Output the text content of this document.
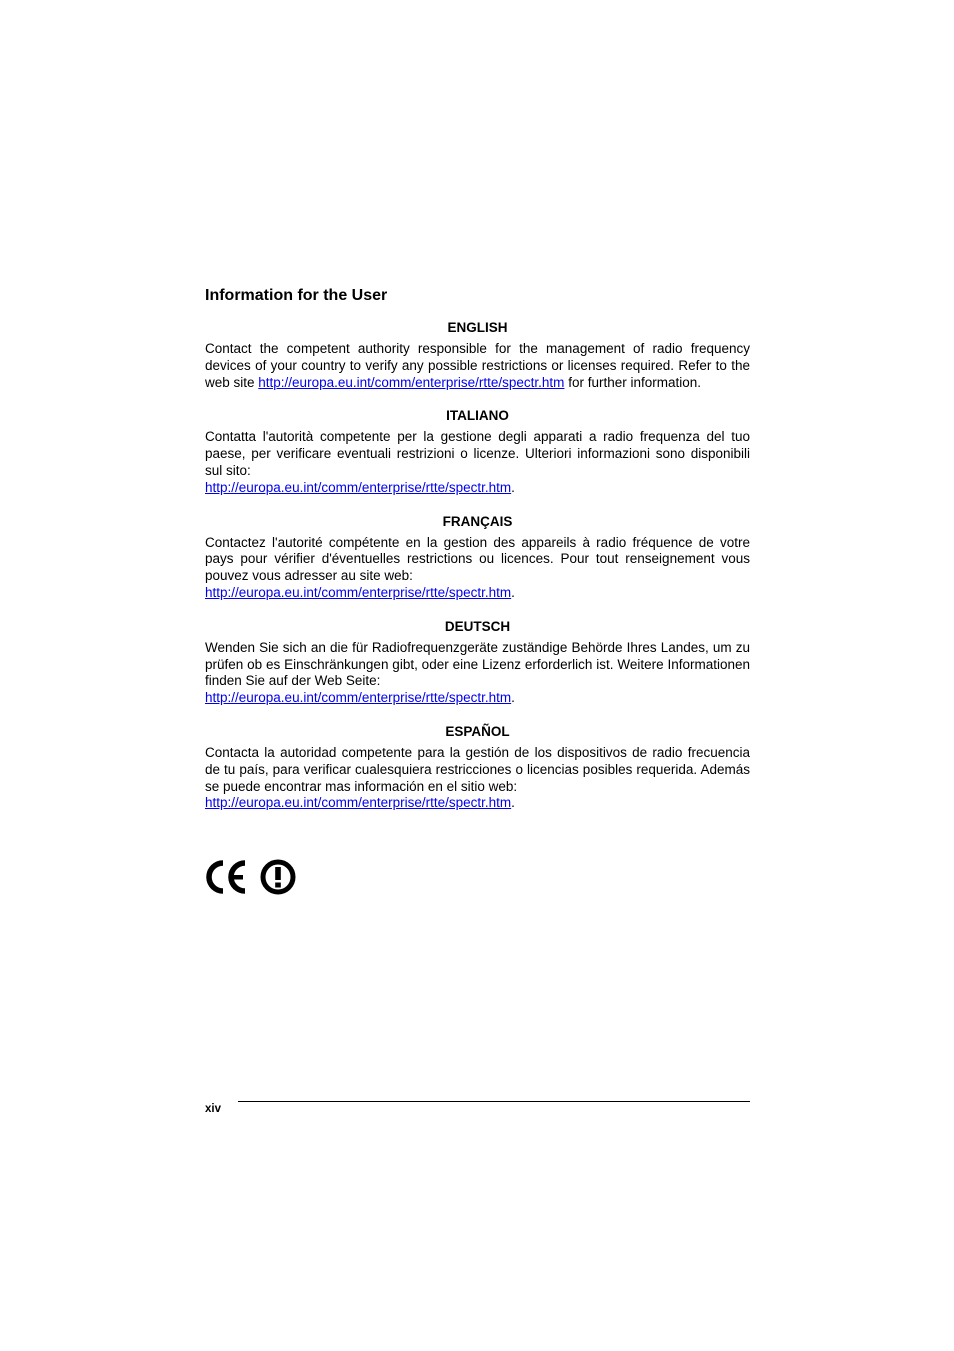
Information for the User
ENGLISH

Contact the competent authority responsible for the management of radio frequency devices of your country to verify any possible restrictions or licenses required. Refer to the web site http://europa.eu.int/comm/enterprise/rtte/spectr.htm for further information.

ITALIANO

Contatta l'autorità competente per la gestione degli apparati a radio frequenza del tuo paese, per verificare eventuali restrizioni o licenze. Ulteriori informazioni sono disponibili sul sito:
http://europa.eu.int/comm/enterprise/rtte/spectr.htm.

FRANÇAIS

Contactez l'autorité compétente en la gestion des appareils à radio fréquence de votre pays pour vérifier d'éventuelles restrictions ou licences. Pour tout renseignement vous pouvez vous adresser au site web:
http://europa.eu.int/comm/enterprise/rtte/spectr.htm.

DEUTSCH

Wenden Sie sich an die für Radiofrequenzgeräte zuständige Behörde Ihres Landes, um zu prüfen ob es Einschränkungen gibt, oder eine Lizenz erforderlich ist. Weitere Informationen finden Sie auf der Web Seite:
http://europa.eu.int/comm/enterprise/rtte/spectr.htm.

ESPAÑOL

Contacta la autoridad competente para la gestión de los dispositivos de radio frecuencia de tu país, para verificar cualesquiera restricciones o licencias posibles requerida. Además se puede encontrar mas información en el sitio web:
http://europa.eu.int/comm/enterprise/rtte/spectr.htm.

xiv
